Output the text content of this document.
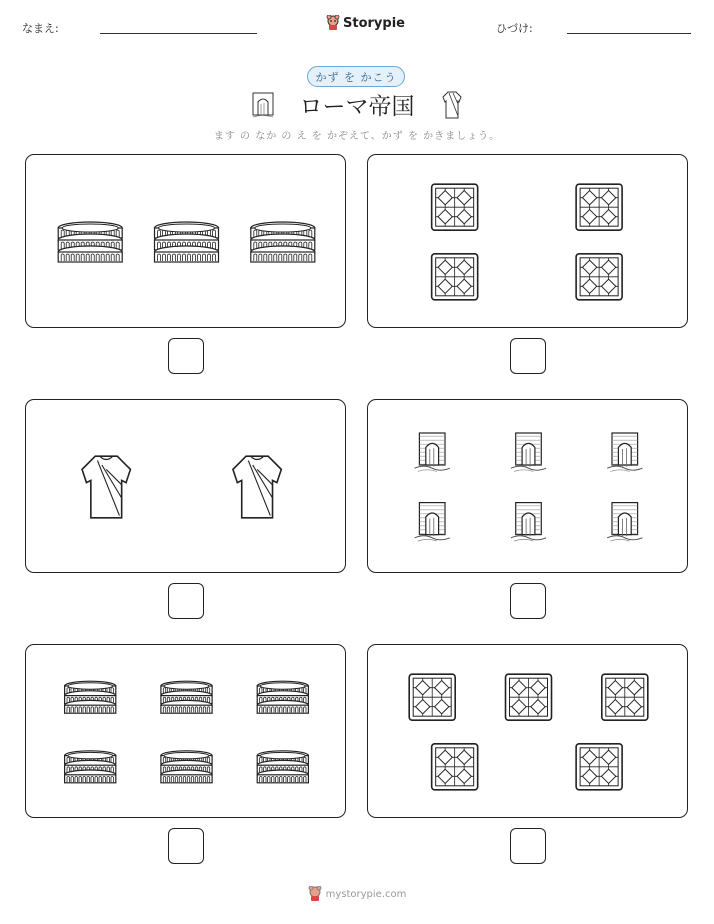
なまえ:	Storypie	ひづけ:
かず を かこう
ローマ帝国
ます の なか の え を かぞえて、かず を かきましょう。
mystorypie.com
